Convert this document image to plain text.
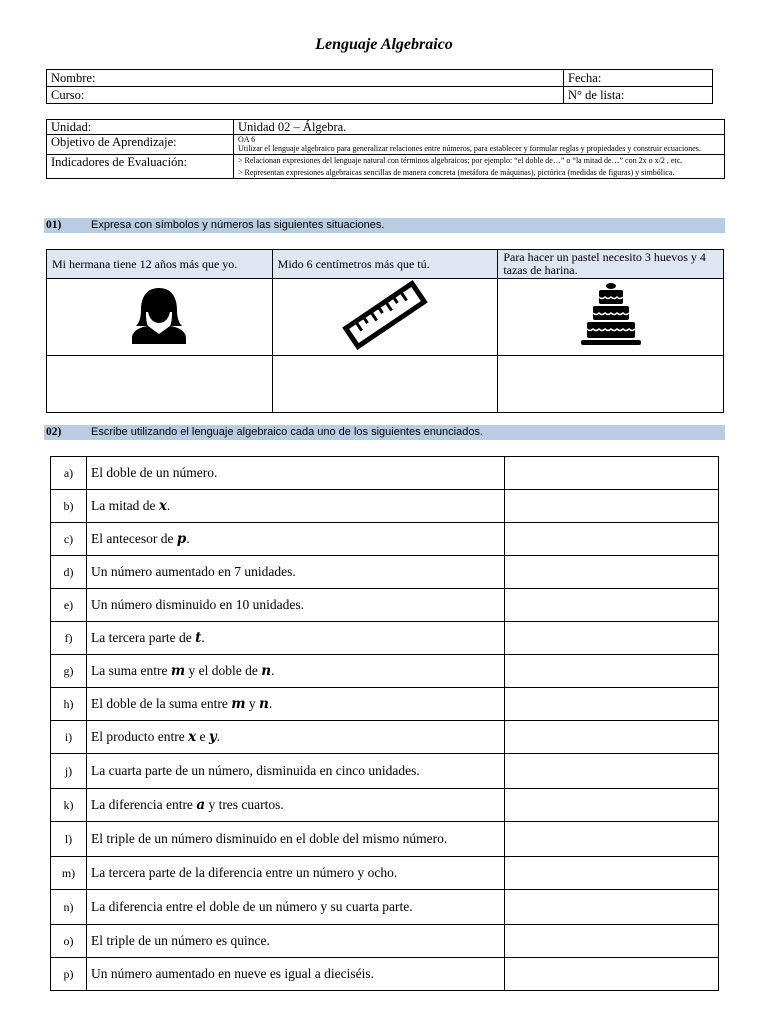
Lenguaje Algebraico
Nombre:	Fecha:
Curso:	N° de lista:
Unidad:	Unidad 02 – Álgebra.
Objetivo de Aprendizaje:	OA 6
Utilizar el lenguaje algebraico para generalizar relaciones entre números, para establecer y formular reglas y propiedades y construir ecuaciones.

Indicadores de Evaluación:	> Relacionan expresiones del lenguaje natural con términos algebraicos; por ejemplo: “el doble de…” o “la mitad de…” con 2x o x/2 , etc.
> Representan expresiones algebraicas sencillas de manera concreta (metáfora de máquinas), pictórica (medidas de figuras) y simbólica.
01)	Expresa con símbolos y números las siguientes situaciones.
Mi hermana tiene 12 años más que yo.	Mido 6 centímetros más que tú.	Para hacer un pastel necesito 3 huevos y 4 tazas de harina.

02)	Escribe utilizando el lenguaje algebraico cada uno de los siguientes enunciados.
a)	El doble de un número.	
b)	La mitad de x.	
c)	El antecesor de p.	
d)	Un número aumentado en 7 unidades.	
e)	Un número disminuido en 10 unidades.	
f)	La tercera parte de t.	
g)	La suma entre m y el doble de n.	
h)	El doble de la suma entre m y n.	
i)	El producto entre x e y.	
j)	La cuarta parte de un número, disminuida en cinco unidades.	
k)	La diferencia entre a y tres cuartos.	
l)	El triple de un número disminuido en el doble del mismo número.	
m)	La tercera parte de la diferencia entre un número y ocho.	
n)	La diferencia entre el doble de un número y su cuarta parte.	
o)	El triple de un número es quince.	
p)	Un número aumentado en nueve es igual a dieciséis.	
